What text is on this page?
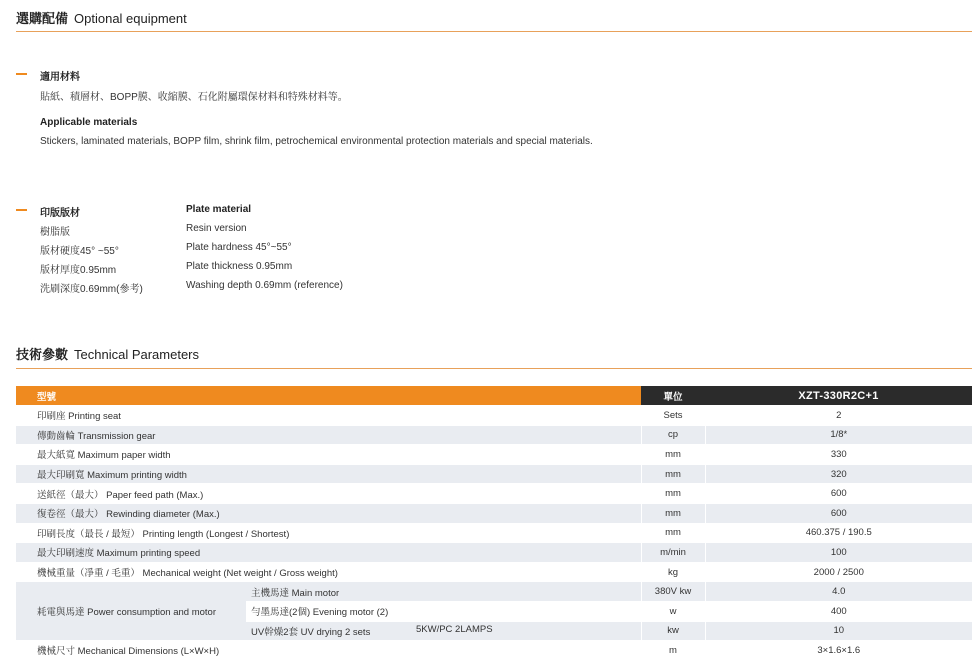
選購配備 Optional equipment
適用材料
貼紙、積層材、BOPP膜、收縮膜、石化附屬環保材料和特殊材料等。
Applicable materials
Stickers, laminated materials, BOPP film, shrink film, petrochemical environmental protection materials and special materials.
印版版材	Plate material
樹脂版	Resin version
版材硬度45° ~55°	Plate hardness 45°~55°
版材厚度0.95mm	Plate thickness 0.95mm
洗刷深度0.69mm(參考)	Washing depth 0.69mm (reference)
技術參數 Technical Parameters
型號		單位	XZT-330R2C+1
印刷座 Printing seat		Sets	2
傳動齒輪 Transmission gear		cp	1/8*
最大紙寬 Maximum paper width		mm	330
最大印刷寬 Maximum printing width		mm	320
送紙徑（最大） Paper feed path (Max.)		mm	600
復卷徑（最大） Rewinding diameter (Max.)		mm	600
印刷長度（最長 / 最短） Printing length (Longest / Shortest)		mm	460.375 / 190.5
最大印刷速度 Maximum printing speed		m/min	100
機械重量（凈重 / 毛重） Mechanical weight (Net weight / Gross weight)		kg	2000 / 2500
耗電與馬達 Power consumption and motor	主機馬達 Main motor	380V kw	4.0
	勻墨馬達(2個) Evening motor (2)	w	400
	UV幹燥2套 UV drying 2 sets 5KW/PC 2LAMPS	kw	10
機械尺寸 Mechanical Dimensions (L×W×H)		m	3×1.6×1.6
